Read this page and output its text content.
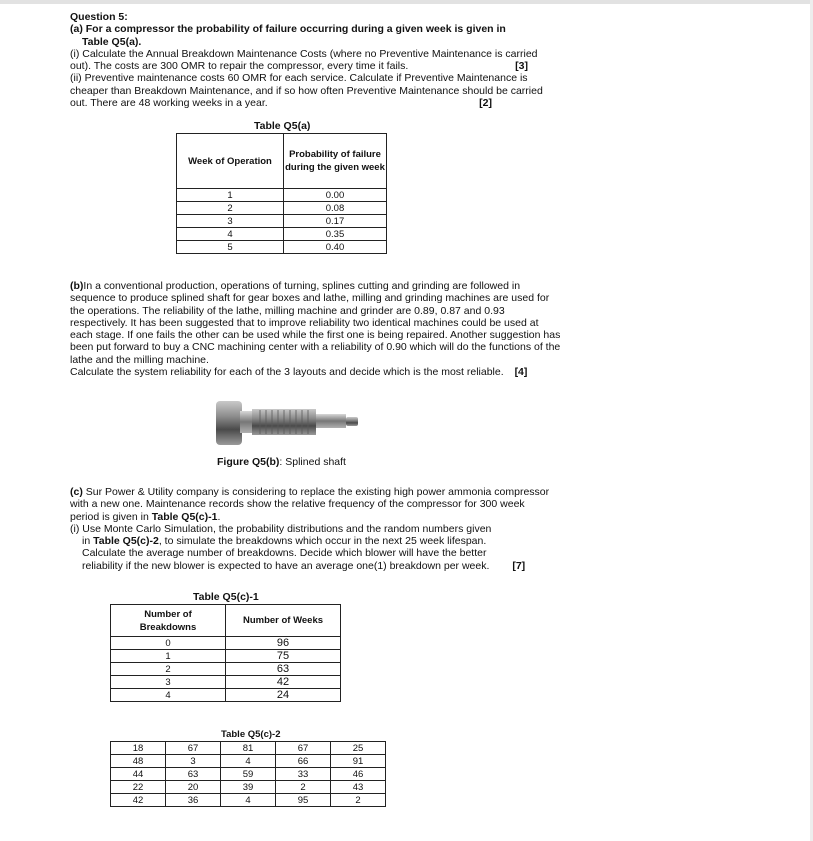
Question 5:
(a) For a compressor the probability of failure occurring during a given week is given in
Table Q5(a).
(i) Calculate the Annual Breakdown Maintenance Costs (where no Preventive Maintenance is carried
out). The costs are 300 OMR to repair the compressor, every time it fails.	[3]
(ii) Preventive maintenance costs 60 OMR for each service. Calculate if Preventive Maintenance is
cheaper than Breakdown Maintenance, and if so how often Preventive Maintenance should be carried
out. There are 48 working weeks in a year.	[2]
Table Q5(a)
Week of Operation	Probability of failure
during the given week

1	0.00
2	0.08
3	0.17
4	0.35
5	0.40
(b)In a conventional production, operations of turning, splines cutting and grinding are followed in
sequence to produce splined shaft for gear boxes and lathe, milling and grinding machines are used for
the operations. The reliability of the lathe, milling machine and grinder are 0.89, 0.87 and 0.93
respectively. It has been suggested that to improve reliability two identical machines could be used at
each stage. If one fails the other can be used while the first one is being repaired. Another suggestion has
been put forward to buy a CNC machining center with a reliability of 0.90 which will do the functions of the
lathe and the milling machine.
Calculate the system reliability for each of the 3 layouts and decide which is the most reliable. [4]
Figure Q5(b): Splined shaft
(c) Sur Power & Utility company is considering to replace the existing high power ammonia compressor
with a new one. Maintenance records show the relative frequency of the compressor for 300 week
period is given in Table Q5(c)-1.
(i) Use Monte Carlo Simulation, the probability distributions and the random numbers given
in Table Q5(c)-2, to simulate the breakdowns which occur in the next 25 week lifespan.
Calculate the average number of breakdowns. Decide which blower will have the better
reliability if the new blower is expected to have an average one(1) breakdown per week. [7]
Table Q5(c)-1
Number of
Breakdowns	Number of Weeks
0	96
1	75
2	63
3	42
4	24
Table Q5(c)-2
18	67	81	67	25
48	3	4	66	91
44	63	59	33	46
22	20	39	2	43
42	36	4	95	2
